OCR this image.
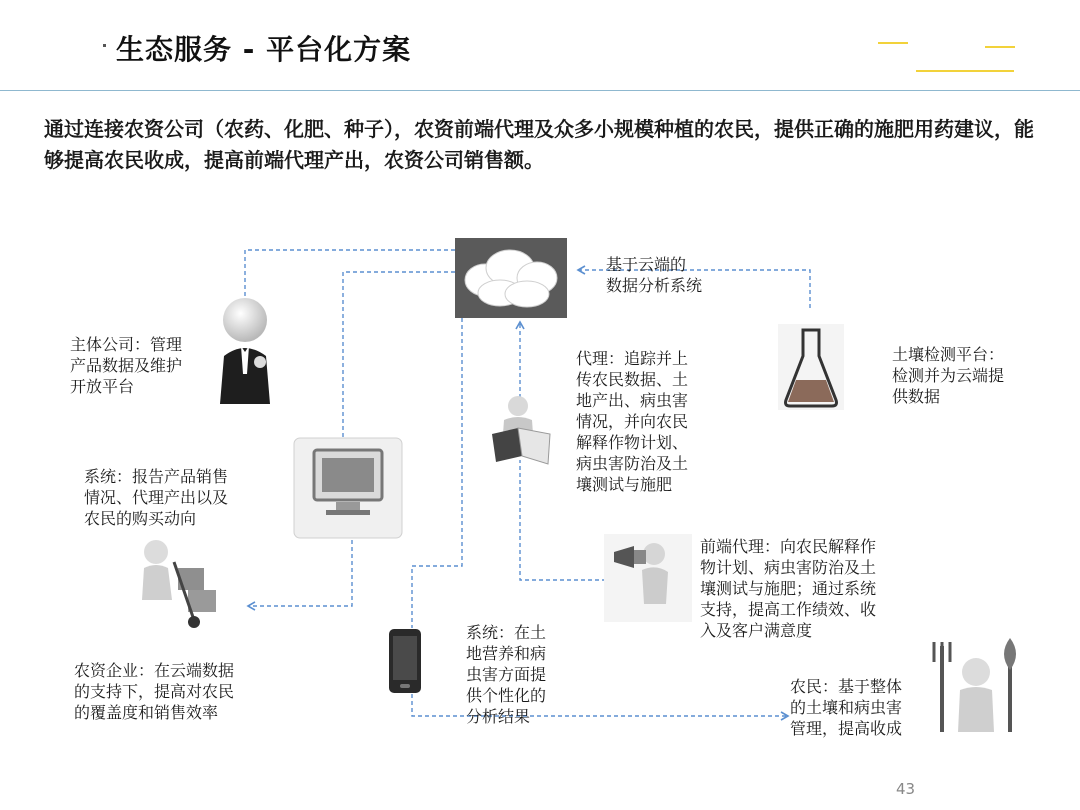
生态服务 - 平台化方案
通过连接农资公司（农药、化肥、种子），农资前端代理及众多小规模种植的农民，提供正确的施肥用药建议，能够提高农民收成，提高前端代理产出，农资公司销售额。
基于云端的
数据分析系统
主体公司：管理
产品数据及维护
开放平台
土壤检测平台：
检测并为云端提
供数据
代理：追踪并上
传农民数据、土
地产出、病虫害
情况，并向农民
解释作物计划、
病虫害防治及土
壤测试与施肥
系统：报告产品销售
情况、代理产出以及
农民的购买动向
前端代理：向农民解释作
物计划、病虫害防治及土
壤测试与施肥；通过系统
支持，提高工作绩效、收
入及客户满意度
农资企业：在云端数据
的支持下，提高对农民
的覆盖度和销售效率
系统：在土
地营养和病
虫害方面提
供个性化的
分析结果
农民：基于整体
的土壤和病虫害
管理，提高收成
43
